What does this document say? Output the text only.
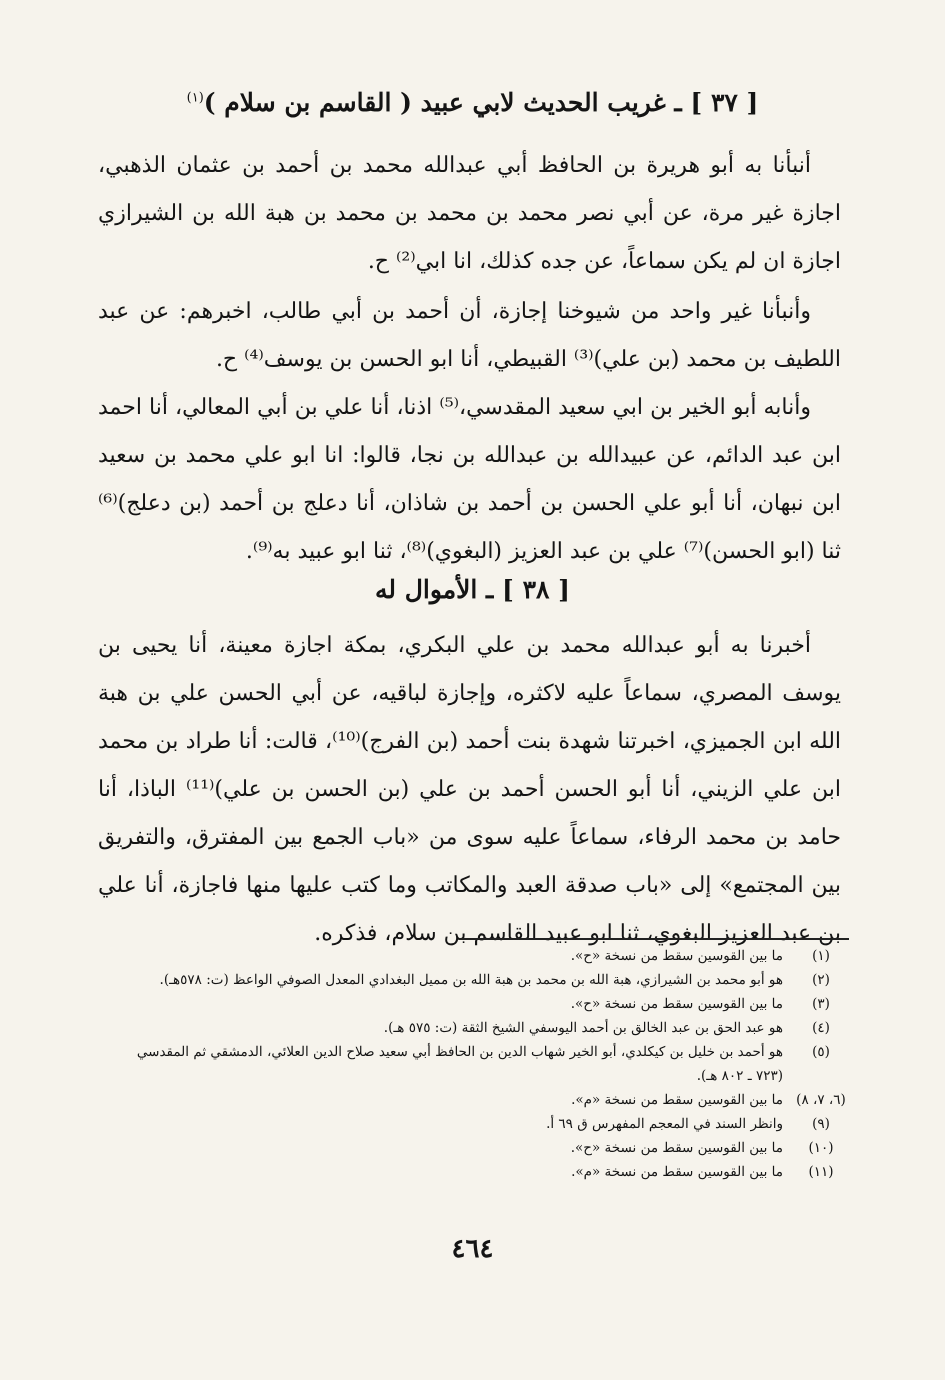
[ ٣٧ ] ـ غريب الحديث لابي عبيد ( القاسم بن سلام )$^{(١)}$

أنبأنا به أبو هريرة بن الحافظ أبي عبدالله محمد بن أحمد بن عثمان الذهبي، اجازة غير مرة، عن أبي نصر محمد بن محمد بن محمد بن هبة الله بن الشيرازي اجازة ان لم يكن سماعاً، عن جده كذلك، انا ابي⁽²⁾ ح.

وأنبأنا غير واحد من شيوخنا إجازة، أن أحمد بن أبي طالب، اخبرهم: عن عبد اللطيف بن محمد (بن علي)⁽³⁾ القبيطي، أنا ابو الحسن بن يوسف⁽⁴⁾ ح.

وأنابه أبو الخير بن ابي سعيد المقدسي،⁽⁵⁾ اذنا، أنا علي بن أبي المعالي، أنا احمد ابن عبد الدائم، عن عبيدالله بن عبدالله بن نجا، قالوا: انا ابو علي محمد بن سعيد ابن نبهان، أنا أبو علي الحسن بن أحمد بن شاذان، أنا دعلج بن أحمد (بن دعلج)⁽⁶⁾ ثنا (ابو الحسن)⁽⁷⁾ علي بن عبد العزيز (البغوي)⁽⁸⁾، ثنا ابو عبيد به⁽⁹⁾.

[ ٣٨ ] ـ الأموال له

أخبرنا به أبو عبدالله محمد بن علي البكري، بمكة اجازة معينة، أنا يحيى بن يوسف المصري، سماعاً عليه لاكثره، وإجازة لباقيه، عن أبي الحسن علي بن هبة الله ابن الجميزي، اخبرتنا شهدة بنت أحمد (بن الفرج)⁽¹⁰⁾، قالت: أنا طراد بن محمد ابن علي الزيني، أنا أبو الحسن أحمد بن علي (بن الحسن بن علي)⁽¹¹⁾ الباذا، أنا حامد بن محمد الرفاء، سماعاً عليه سوى من «باب الجمع بين المفترق، والتفريق بين المجتمع» إلى «باب صدقة العبد والمكاتب وما كتب عليها منها فاجازة، أنا علي بن عبد العزيز البغوي، ثنا ابو عبيد القاسم بن سلام، فذكره.

(١)
ما بين القوسين سقط من نسخة «ح».
(٢)
هو أبو محمد بن الشيرازي، هبة الله بن محمد بن هبة الله بن مميل البغدادي المعدل الصوفي الواعظ (ت: ٥٧٨هـ).
(٣)
ما بين القوسين سقط من نسخة «ح».
(٤)
هو عبد الحق بن عبد الخالق بن أحمد اليوسفي الشيخ الثقة (ت: ٥٧٥ هـ).
(٥)
هو أحمد بن خليل بن كيكلدي، أبو الخير شهاب الدين بن الحافظ أبي سعيد صلاح الدين العلائي، الدمشقي ثم المقدسي (٧٢٣ ـ ٨٠٢ هـ).
(٦، ٧، ٨)
ما بين القوسين سقط من نسخة «م».
(٩)
وانظر السند في المعجم المفهرس ق ٦٩ أ.
(١٠)
ما بين القوسين سقط من نسخة «ح».
(١١)
ما بين القوسين سقط من نسخة «م».
٤٦٤
